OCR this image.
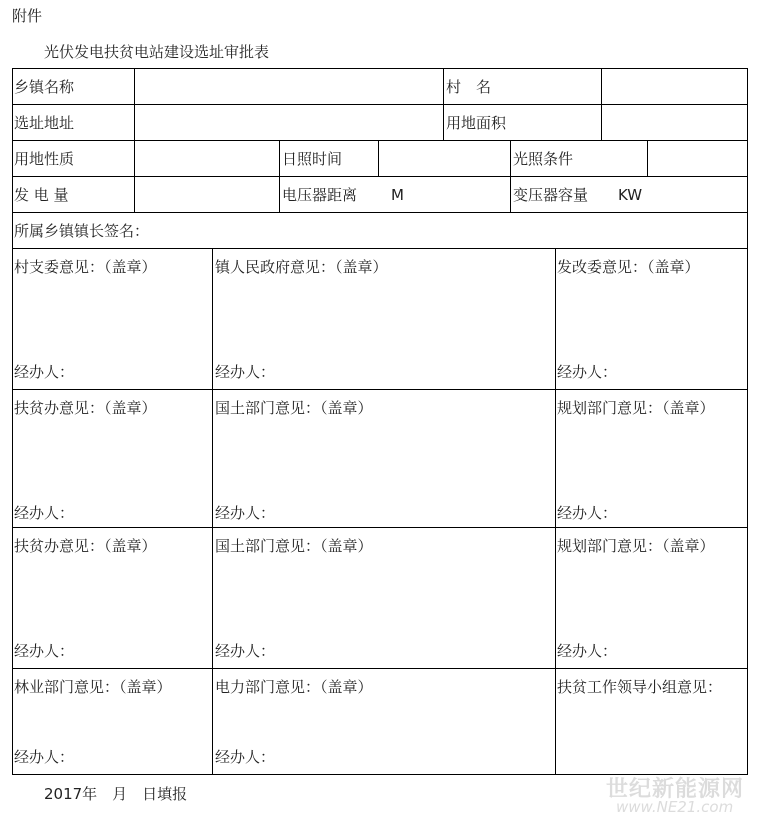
附件
光伏发电扶贫电站建设选址审批表
乡镇名称	村　名
选址地址	用地面积
用地性质	日照时间	光照条件
发 电 量	电压器距离 M	变压器容量 KW
所属乡镇镇长签名：
村支委意见：（盖章）	镇人民政府意见：（盖章）	发改委意见：（盖章）
经办人：	经办人：	经办人：
扶贫办意见：（盖章）	国土部门意见：（盖章）	规划部门意见：（盖章）
经办人：	经办人：	经办人：
扶贫办意见：（盖章）	国土部门意见：（盖章）	规划部门意见：（盖章）
经办人：	经办人：	经办人：
林业部门意见：（盖章）	电力部门意见：（盖章）	扶贫工作领导小组意见：
经办人：	经办人：
2017年　月　日填报	世纪新能源网
www.NE21.com
